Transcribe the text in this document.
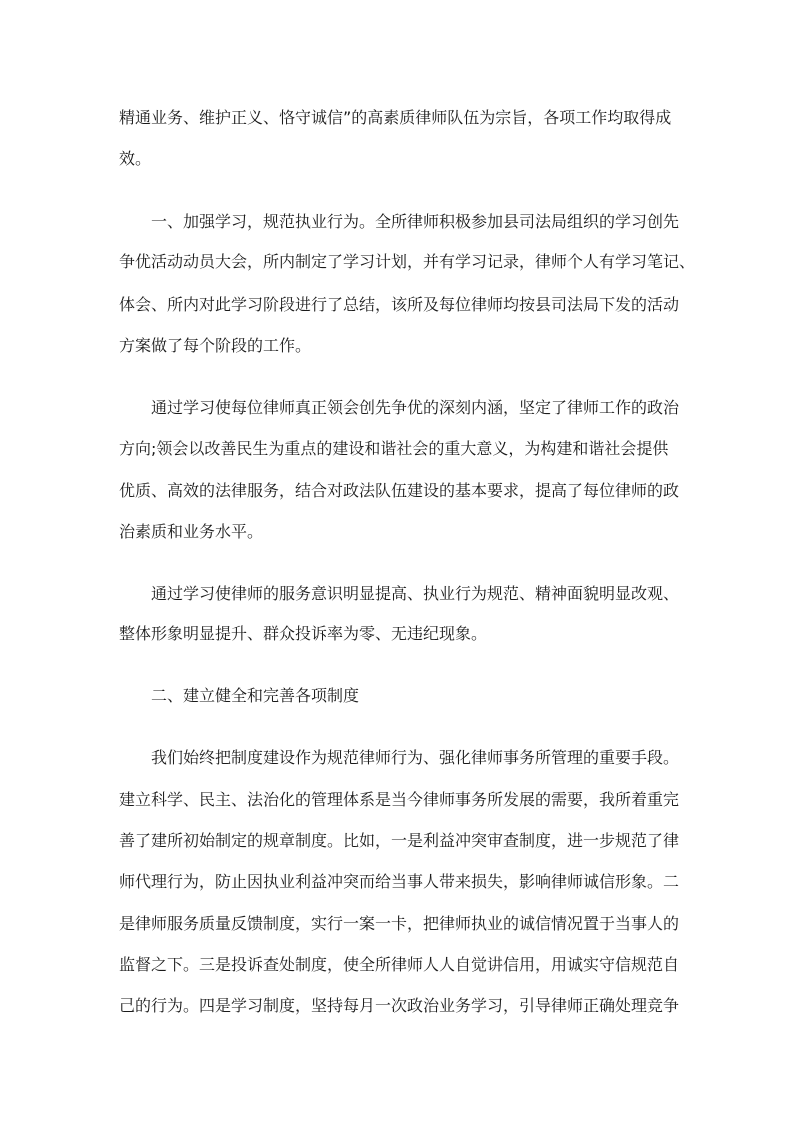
精通业务、维护正义、恪守诚信”的高素质律师队伍为宗旨，各项工作均取得成
效。
一、加强学习，规范执业行为。全所律师积极参加县司法局组织的学习创先
争优活动动员大会，所内制定了学习计划，并有学习记录，律师个人有学习笔记、
体会、所内对此学习阶段进行了总结，该所及每位律师均按县司法局下发的活动
方案做了每个阶段的工作。
通过学习使每位律师真正领会创先争优的深刻内涵，坚定了律师工作的政治
方向;领会以改善民生为重点的建设和谐社会的重大意义，为构建和谐社会提供
优质、高效的法律服务，结合对政法队伍建设的基本要求，提高了每位律师的政
治素质和业务水平。
通过学习使律师的服务意识明显提高、执业行为规范、精神面貌明显改观、
整体形象明显提升、群众投诉率为零、无违纪现象。
二、建立健全和完善各项制度
我们始终把制度建设作为规范律师行为、强化律师事务所管理的重要手段。
建立科学、民主、法治化的管理体系是当今律师事务所发展的需要，我所着重完
善了建所初始制定的规章制度。比如，一是利益冲突审查制度，进一步规范了律
师代理行为，防止因执业利益冲突而给当事人带来损失，影响律师诚信形象。二
是律师服务质量反馈制度，实行一案一卡，把律师执业的诚信情况置于当事人的
监督之下。三是投诉查处制度，使全所律师人人自觉讲信用，用诚实守信规范自
己的行为。四是学习制度，坚持每月一次政治业务学习，引导律师正确处理竞争
